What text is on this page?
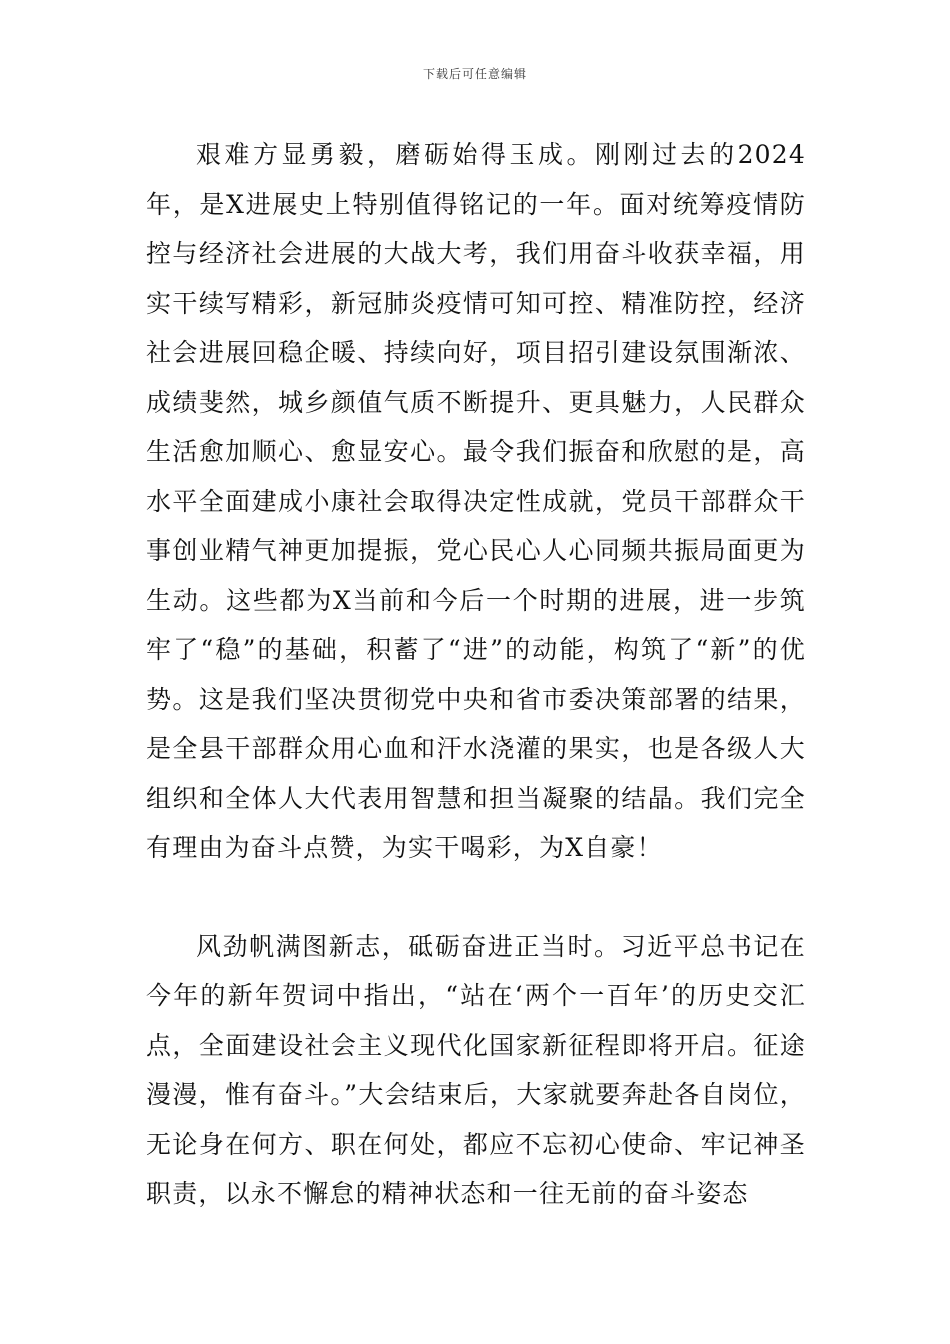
下载后可任意编辑

艰难方显勇毅，磨砺始得玉成。刚刚过去的2024年，是X进展史上特别值得铭记的一年。面对统筹疫情防控与经济社会进展的大战大考，我们用奋斗收获幸福，用实干续写精彩，新冠肺炎疫情可知可控、精准防控，经济社会进展回稳企暖、持续向好，项目招引建设氛围渐浓、成绩斐然，城乡颜值气质不断提升、更具魅力，人民群众生活愈加顺心、愈显安心。最令我们振奋和欣慰的是，高水平全面建成小康社会取得决定性成就，党员干部群众干事创业精气神更加提振，党心民心人心同频共振局面更为生动。这些都为X当前和今后一个时期的进展，进一步筑牢了“稳”的基础，积蓄了“进”的动能，构筑了“新”的优势。这是我们坚决贯彻党中央和省市委决策部署的结果，是全县干部群众用心血和汗水浇灌的果实，也是各级人大组织和全体人大代表用智慧和担当凝聚的结晶。我们完全有理由为奋斗点赞，为实干喝彩，为X自豪！

风劲帆满图新志，砥砺奋进正当时。习近平总书记在今年的新年贺词中指出，“站在‘两个一百年’的历史交汇点，全面建设社会主义现代化国家新征程即将开启。征途漫漫，惟有奋斗。”大会结束后，大家就要奔赴各自岗位，无论身在何方、职在何处，都应不忘初心使命、牢记神圣职责，以永不懈怠的精神状态和一往无前的奋斗姿态
